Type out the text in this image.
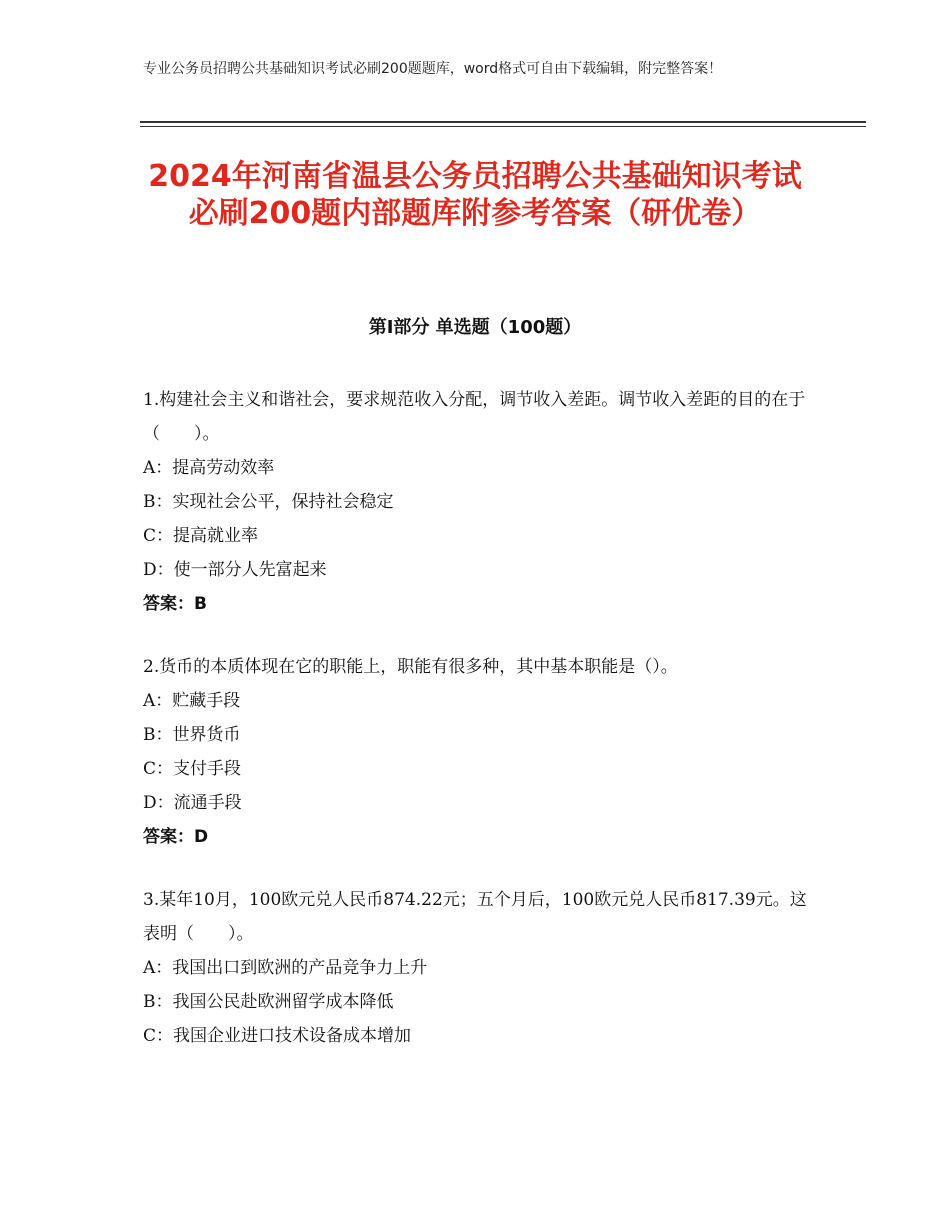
专业公务员招聘公共基础知识考试必刷200题题库，word格式可自由下载编辑，附完整答案！
2024年河南省温县公务员招聘公共基础知识考试必刷200题内部题库附参考答案（研优卷）
第Ⅰ部分 单选题（100题）

1.构建社会主义和谐社会，要求规范收入分配，调节收入差距。调节收入差距的目的在于（　　）。

A：提高劳动效率

B：实现社会公平，保持社会稳定

C：提高就业率

D：使一部分人先富起来

答案：B

2.货币的本质体现在它的职能上，职能有很多种，其中基本职能是（）。

A：贮藏手段

B：世界货币

C：支付手段

D：流通手段

答案：D

3.某年10月，100欧元兑人民币874.22元；五个月后，100欧元兑人民币817.39元。这表明（　　）。

A：我国出口到欧洲的产品竞争力上升

B：我国公民赴欧洲留学成本降低

C：我国企业进口技术设备成本增加
